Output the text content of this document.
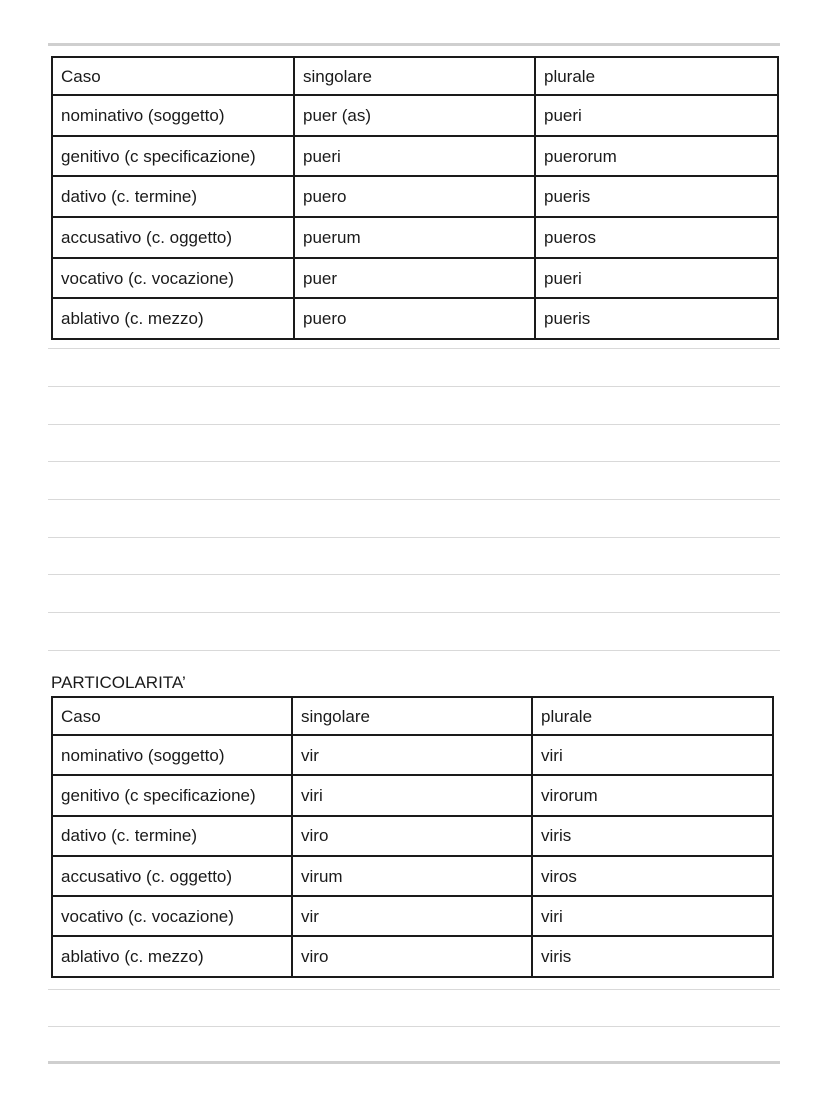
Caso	singolare	plurale
nominativo (soggetto)	puer (as)	pueri
genitivo (c specificazione)	pueri	puerorum
dativo (c. termine)	puero	pueris
accusativo (c. oggetto)	puerum	pueros
vocativo (c. vocazione)	puer	pueri
ablativo (c. mezzo)	puero	pueris
PARTICOLARITA’
Caso	singolare	plurale
nominativo (soggetto)	vir	viri
genitivo (c specificazione)	viri	virorum
dativo (c. termine)	viro	viris
accusativo (c. oggetto)	virum	viros
vocativo (c. vocazione)	vir	viri
ablativo (c. mezzo)	viro	viris
